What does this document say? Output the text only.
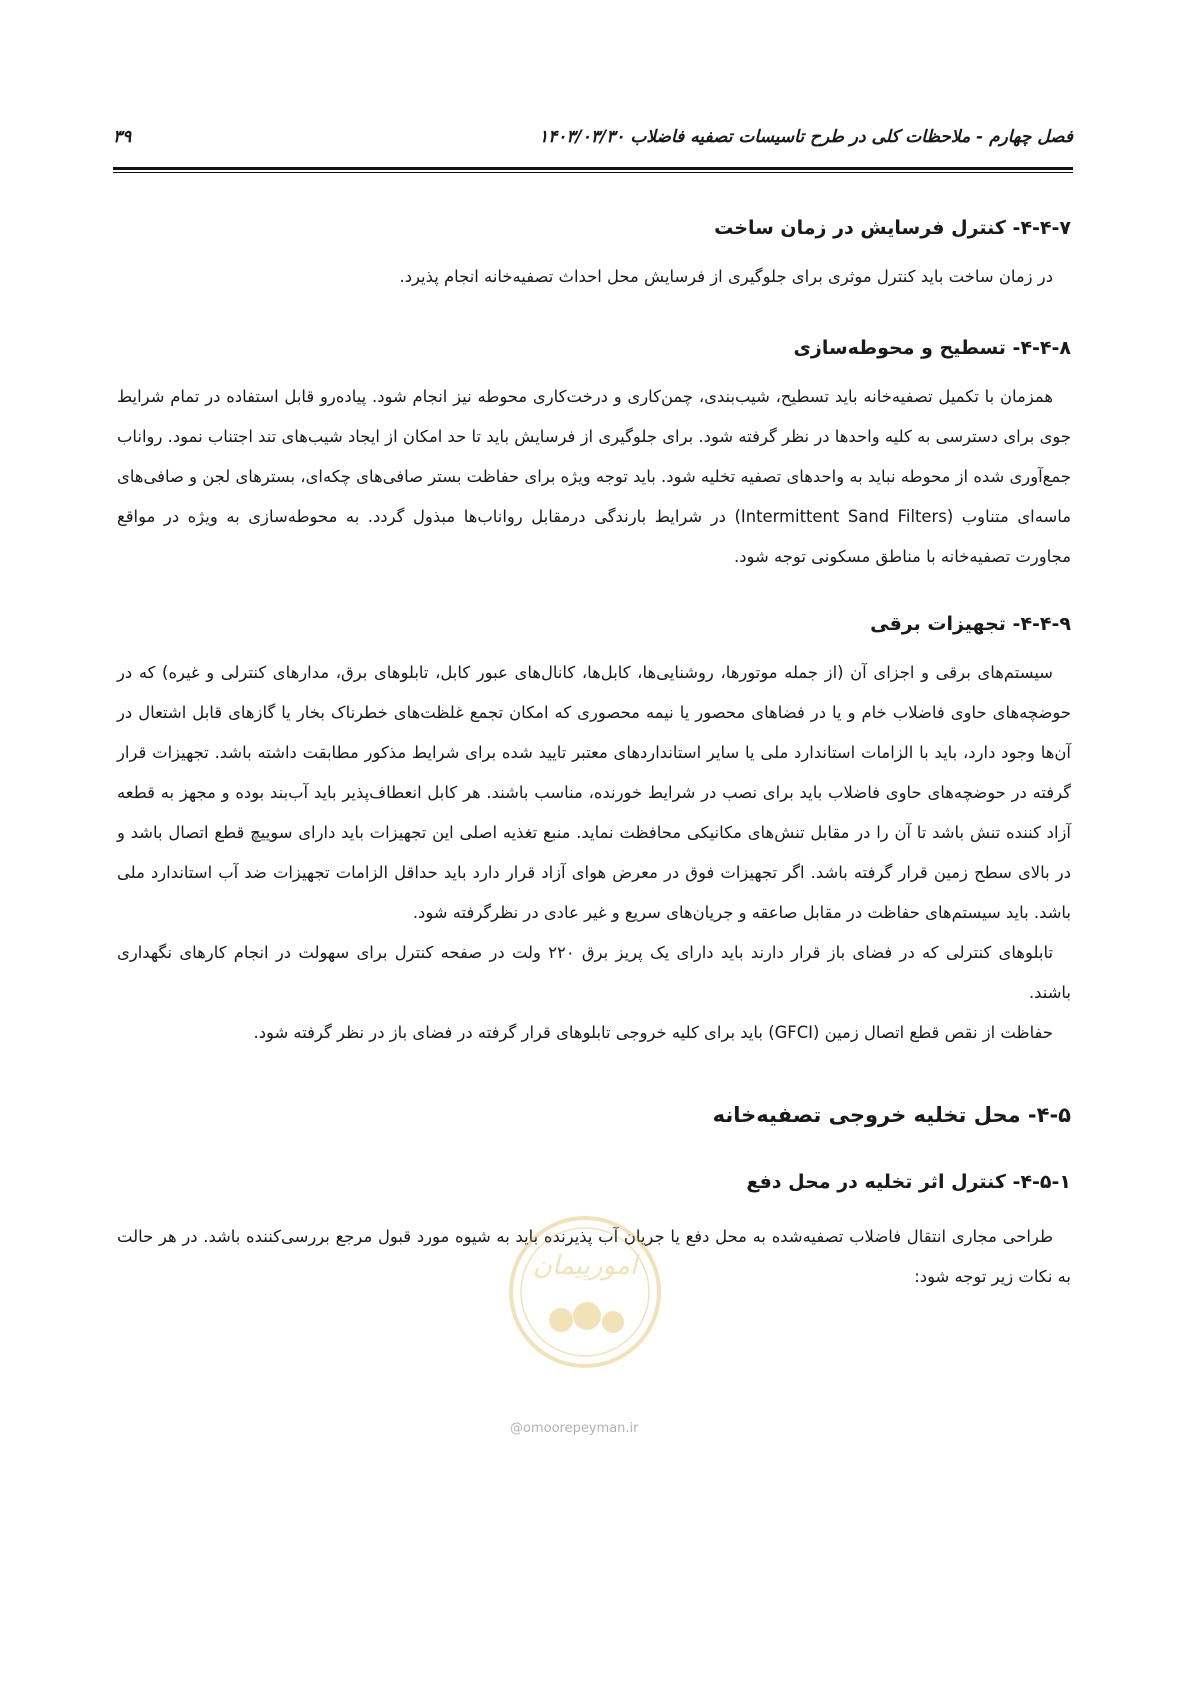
فصل چهارم - ملاحظات کلی در طرح تاسیسات تصفیه فاضلاب ۱۴۰۳/۰۳/۳۰
۳۹
۴-۴-۷- کنترل فرسایش در زمان ساخت

در زمان ساخت باید کنترل موثری برای جلوگیری از فرسایش محل احداث تصفیه‌خانه انجام پذیرد.

۴-۴-۸- تسطیح و محوطه‌سازی

همزمان با تکمیل تصفیه‌خانه باید تسطیح، شیب‌بندی، چمن‌کاری و درخت‌کاری محوطه نیز انجام شود. پیاده‌رو قابل استفاده در تمام شرایط جوی برای دسترسی به کلیه واحدها در نظر گرفته شود. برای جلوگیری از فرسایش باید تا حد امکان از ایجاد شیب‌های تند اجتناب نمود. رواناب جمع‌آوری شده از محوطه نباید به واحدهای تصفیه تخلیه شود. باید توجه ویژه برای حفاظت بستر صافی‌های چکه‌ای، بسترهای لجن و صافی‌های ماسه‌ای متناوب (Intermittent Sand Filters) در شرایط بارندگی درمقابل رواناب‌ها مبذول گردد. به محوطه‌سازی به ویژه در مواقع مجاورت تصفیه‌خانه با مناطق مسکونی توجه شود.

۴-۴-۹- تجهیزات برقی

سیستم‌های برقی و اجزای آن (از جمله موتورها، روشنایی‌ها، کابل‌ها، کانال‌های عبور کابل، تابلوهای برق، مدارهای کنترلی و غیره) که در حوضچه‌های حاوی فاضلاب خام و یا در فضاهای محصور یا نیمه محصوری که امکان تجمع غلظت‌های خطرناک بخار یا گازهای قابل اشتعال در آن‌ها وجود دارد، باید با الزامات استاندارد ملی یا سایر استانداردهای معتبر تایید شده برای شرایط مذکور مطابقت داشته باشد. تجهیزات قرار گرفته در حوضچه‌های حاوی فاضلاب باید برای نصب در شرایط خورنده، مناسب باشند. هر کابل انعطاف‌پذیر باید آب‌بند بوده و مجهز به قطعه آزاد کننده تنش باشد تا آن را در مقابل تنش‌های مکانیکی محافظت نماید. منبع تغذیه اصلی این تجهیزات باید دارای سوییچ قطع اتصال باشد و در بالای سطح زمین قرار گرفته باشد. اگر تجهیزات فوق در معرض هوای آزاد قرار دارد باید حداقل الزامات تجهیزات ضد آب استاندارد ملی باشد. باید سیستم‌های حفاظت در مقابل صاعقه و جریان‌های سریع و غیر عادی در نظرگرفته شود.

تابلوهای کنترلی که در فضای باز قرار دارند باید دارای یک پریز برق ۲۲۰ ولت در صفحه کنترل برای سهولت در انجام کارهای نگهداری باشند.

حفاظت از نقص قطع اتصال زمین (GFCI) باید برای کلیه خروجی تابلوهای قرار گرفته در فضای باز در نظر گرفته شود.

۴-۵- محل تخلیه خروجی تصفیه‌خانه
۴-۵-۱- کنترل اثر تخلیه در محل دفع

طراحی مجاری انتقال فاضلاب تصفیه‌شده به محل دفع یا جریان آب پذیرنده باید به شیوه مورد قبول مرجع بررسی‌کننده باشد. در هر حالت به نکات زیر توجه شود:

امورپیمان
@omoorepeyman.ir
